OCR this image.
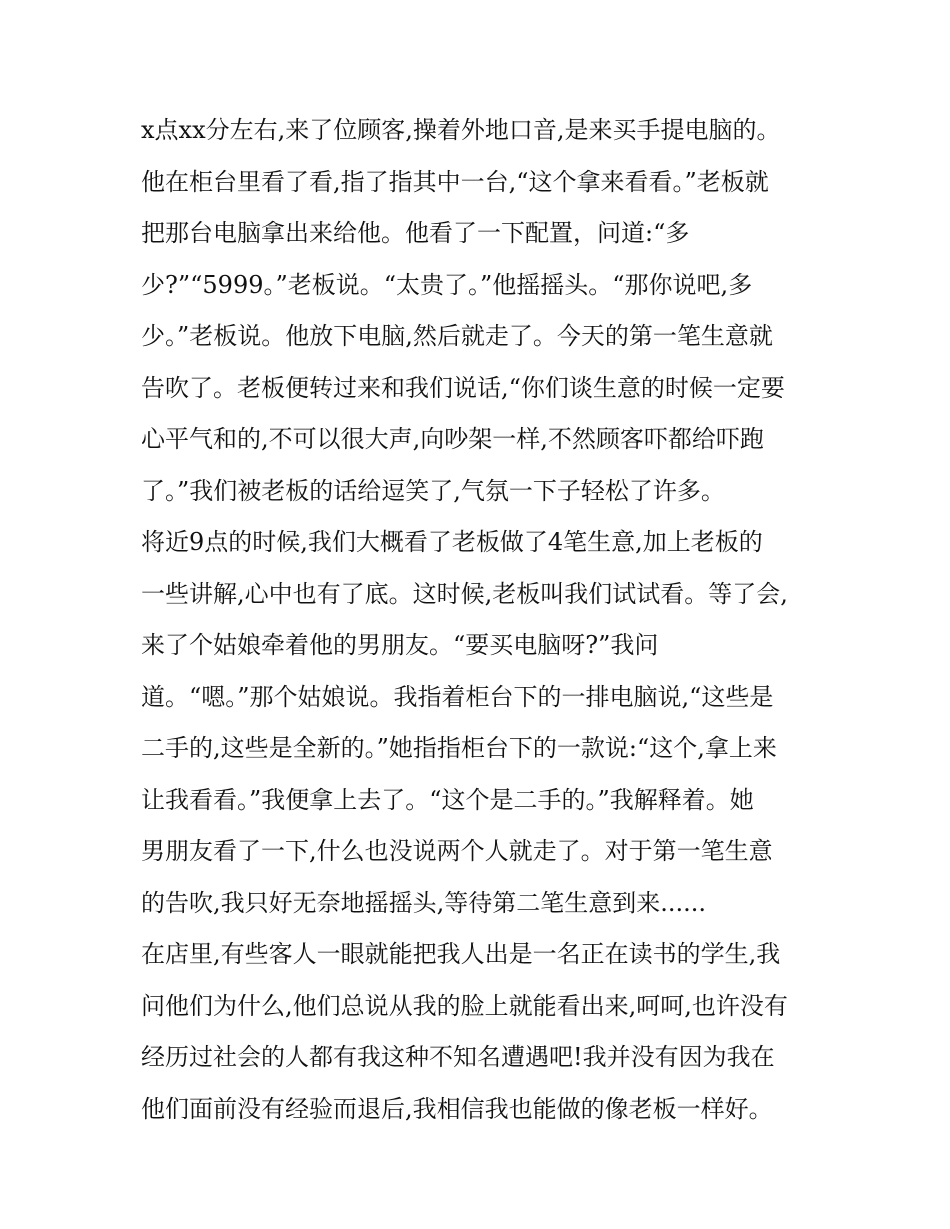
x点xx分左右,来了位顾客,操着外地口音,是来买手提电脑的。
他在柜台里看了看,指了指其中一台,“这个拿来看看。”老板就
把那台电脑拿出来给他。他看了一下配置，问道:“多
少?”“5999。”老板说。“太贵了。”他摇摇头。“那你说吧,多
少。”老板说。他放下电脑,然后就走了。今天的第一笔生意就
告吹了。老板便转过来和我们说话,“你们谈生意的时候一定要
心平气和的,不可以很大声,向吵架一样,不然顾客吓都给吓跑
了。”我们被老板的话给逗笑了,气氛一下子轻松了许多。
将近9点的时候,我们大概看了老板做了4笔生意,加上老板的
一些讲解,心中也有了底。这时候,老板叫我们试试看。等了会,
来了个姑娘牵着他的男朋友。“要买电脑呀?”我问
道。“嗯。”那个姑娘说。我指着柜台下的一排电脑说,“这些是
二手的,这些是全新的。”她指指柜台下的一款说:“这个,拿上来
让我看看。”我便拿上去了。“这个是二手的。”我解释着。她
男朋友看了一下,什么也没说两个人就走了。对于第一笔生意
的告吹,我只好无奈地摇摇头,等待第二笔生意到来......
在店里,有些客人一眼就能把我人出是一名正在读书的学生,我
问他们为什么,他们总说从我的脸上就能看出来,呵呵,也许没有
经历过社会的人都有我这种不知名遭遇吧!我并没有因为我在
他们面前没有经验而退后,我相信我也能做的像老板一样好。
